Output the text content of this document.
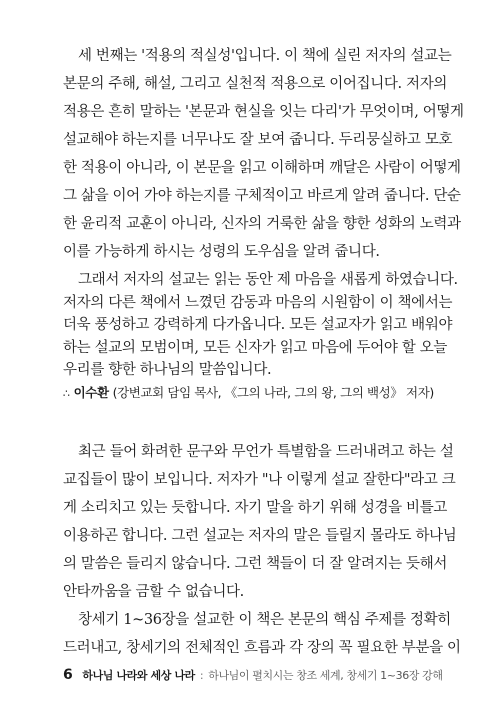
세 번째는 '적용의 적실성'입니다. 이 책에 실린 저자의 설교는
본문의 주해, 해설, 그리고 실천적 적용으로 이어집니다. 저자의
적용은 흔히 말하는 '본문과 현실을 잇는 다리'가 무엇이며, 어떻게
설교해야 하는지를 너무나도 잘 보여 줍니다. 두리뭉실하고 모호
한 적용이 아니라, 이 본문을 읽고 이해하며 깨달은 사람이 어떻게
그 삶을 이어 가야 하는지를 구체적이고 바르게 알려 줍니다. 단순
한 윤리적 교훈이 아니라, 신자의 거룩한 삶을 향한 성화의 노력과
이를 가능하게 하시는 성령의 도우심을 알려 줍니다.
그래서 저자의 설교는 읽는 동안 제 마음을 새롭게 하였습니다.
저자의 다른 책에서 느꼈던 감동과 마음의 시원함이 이 책에서는
더욱 풍성하고 강력하게 다가옵니다. 모든 설교자가 읽고 배워야
하는 설교의 모범이며, 모든 신자가 읽고 마음에 두어야 할 오늘
∴ 이수환 (강변교회 담임 목사, 《그의 나라, 그의 왕, 그의 백성》 저자)
최근 들어 화려한 문구와 무언가 특별함을 드러내려고 하는 설
교집들이 많이 보입니다. 저자가 "나 이렇게 설교 잘한다"라고 크
게 소리치고 있는 듯합니다. 자기 말을 하기 위해 성경을 비틀고
이용하곤 합니다. 그런 설교는 저자의 말은 들릴지 몰라도 하나님
의 말씀은 들리지 않습니다. 그런 책들이 더 잘 알려지는 듯해서
안타까움을 금할 수 없습니다.
창세기 1~36장을 설교한 이 책은 본문의 핵심 주제를 정확히
드러내고, 창세기의 전체적인 흐름과 각 장의 꼭 필요한 부분을 이
6 하나님 나라와 세상 나라 : 하나님이 펼치시는 창조 세계, 창세기 1~36장 강해
우리를 향한 하나님의 말씀입니다.
